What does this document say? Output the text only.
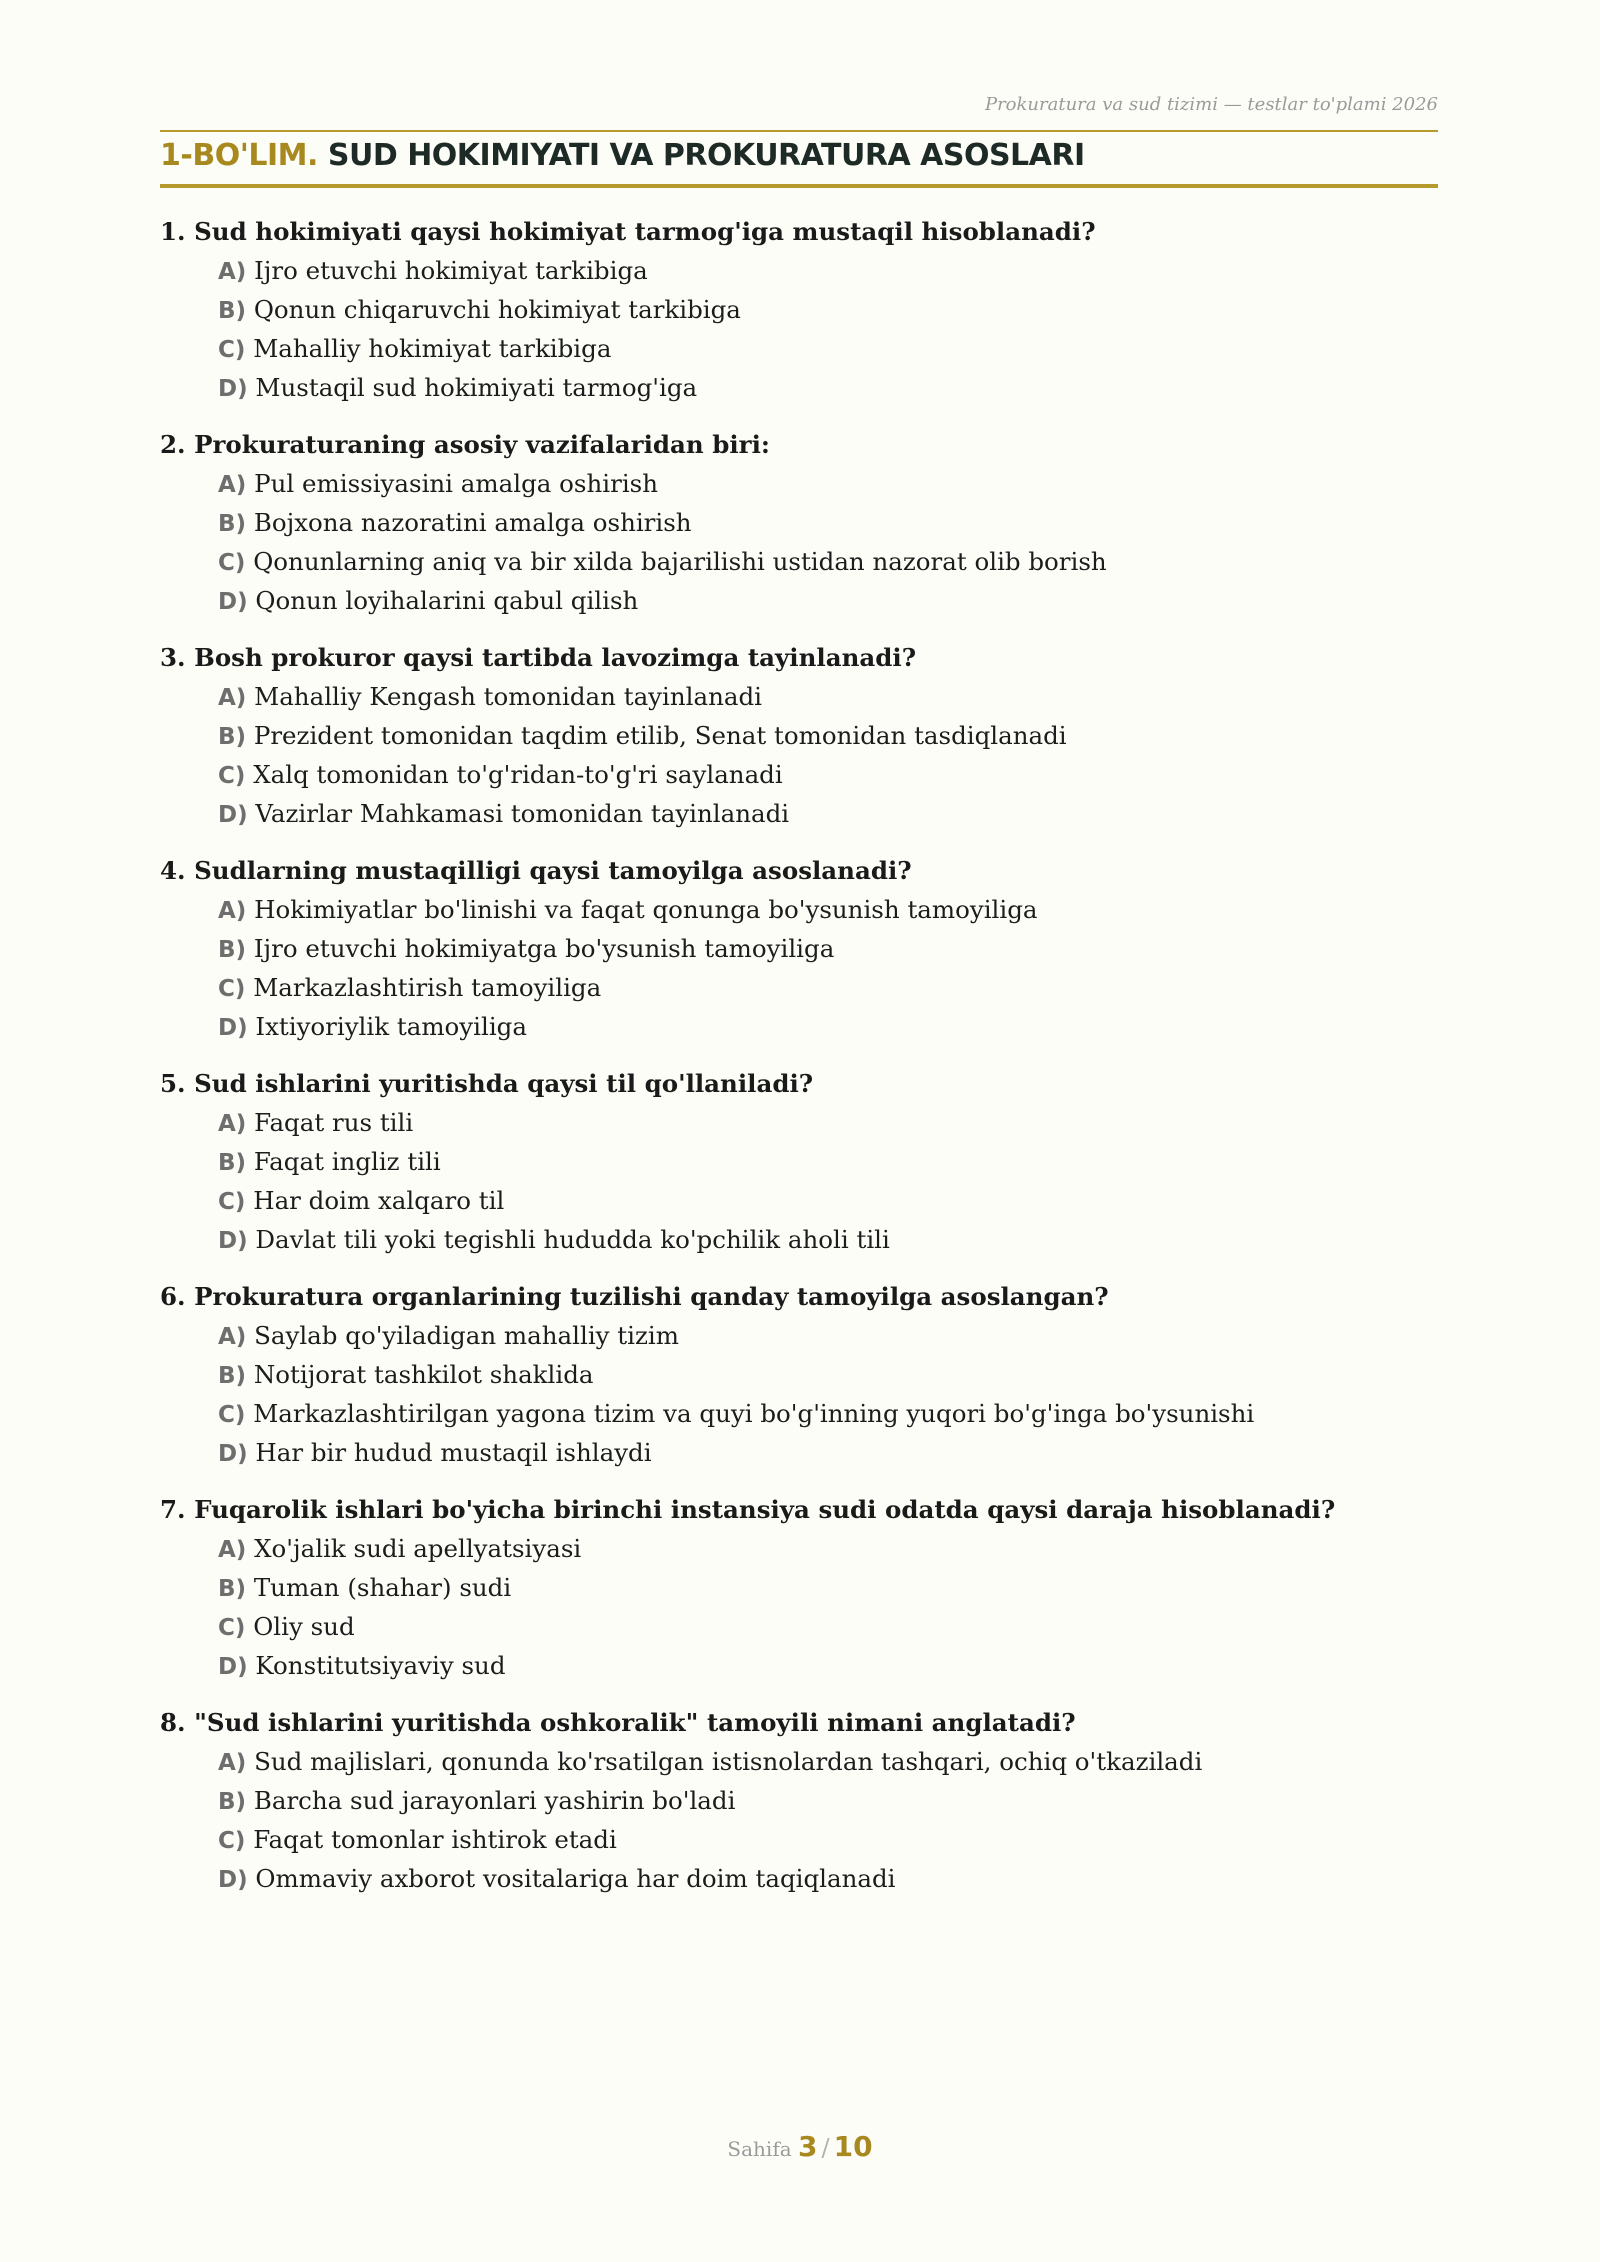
Prokuratura va sud tizimi — testlar to'plami 2026
1-BO'LIM. SUD HOKIMIYATI VA PROKURATURA ASOSLARI
1. Sud hokimiyati qaysi hokimiyat tarmog'iga mustaqil hisoblanadi?
A) Ijro etuvchi hokimiyat tarkibiga
B) Qonun chiqaruvchi hokimiyat tarkibiga
C) Mahalliy hokimiyat tarkibiga
D) Mustaqil sud hokimiyati tarmog'iga
2. Prokuraturaning asosiy vazifalaridan biri:
A) Pul emissiyasini amalga oshirish
B) Bojxona nazoratini amalga oshirish
C) Qonunlarning aniq va bir xilda bajarilishi ustidan nazorat olib borish
D) Qonun loyihalarini qabul qilish
3. Bosh prokuror qaysi tartibda lavozimga tayinlanadi?
A) Mahalliy Kengash tomonidan tayinlanadi
B) Prezident tomonidan taqdim etilib, Senat tomonidan tasdiqlanadi
C) Xalq tomonidan to'g'ridan-to'g'ri saylanadi
D) Vazirlar Mahkamasi tomonidan tayinlanadi
4. Sudlarning mustaqilligi qaysi tamoyilga asoslanadi?
A) Hokimiyatlar bo'linishi va faqat qonunga bo'ysunish tamoyiliga
B) Ijro etuvchi hokimiyatga bo'ysunish tamoyiliga
C) Markazlashtirish tamoyiliga
D) Ixtiyoriylik tamoyiliga
5. Sud ishlarini yuritishda qaysi til qo'llaniladi?
A) Faqat rus tili
B) Faqat ingliz tili
C) Har doim xalqaro til
D) Davlat tili yoki tegishli hududda ko'pchilik aholi tili
6. Prokuratura organlarining tuzilishi qanday tamoyilga asoslangan?
A) Saylab qo'yiladigan mahalliy tizim
B) Notijorat tashkilot shaklida
C) Markazlashtirilgan yagona tizim va quyi bo'g'inning yuqori bo'g'inga bo'ysunishi
D) Har bir hudud mustaqil ishlaydi
7. Fuqarolik ishlari bo'yicha birinchi instansiya sudi odatda qaysi daraja hisoblanadi?
A) Xo'jalik sudi apellyatsiyasi
B) Tuman (shahar) sudi
C) Oliy sud
D) Konstitutsiyaviy sud
8. "Sud ishlarini yuritishda oshkoralik" tamoyili nimani anglatadi?
A) Sud majlislari, qonunda ko'rsatilgan istisnolardan tashqari, ochiq o'tkaziladi
B) Barcha sud jarayonlari yashirin bo'ladi
C) Faqat tomonlar ishtirok etadi
D) Ommaviy axborot vositalariga har doim taqiqlanadi
Sahifa 3 / 10
